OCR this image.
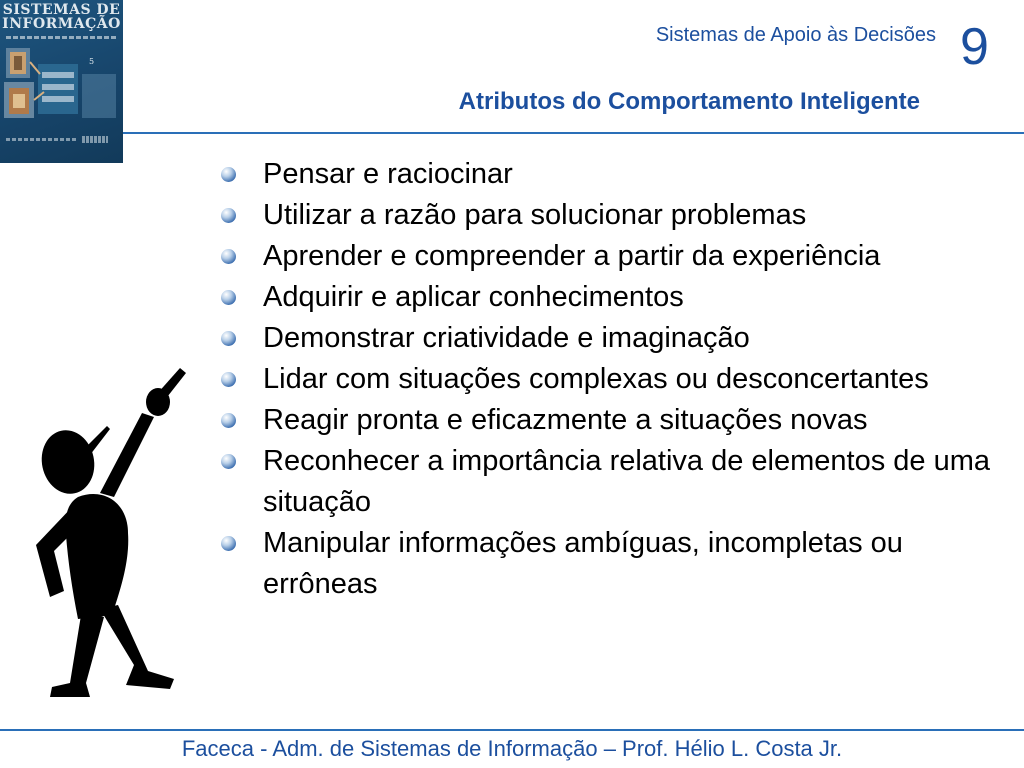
SISTEMAS DE
INFORMAÇÃO
5
Sistemas de Apoio às Decisões 9
Atributos do Comportamento Inteligente
Pensar e raciocinar
Utilizar a razão para solucionar problemas
Aprender e compreender a partir da experiência
Adquirir e aplicar conhecimentos
Demonstrar criatividade e imaginação
Lidar com situações complexas ou desconcertantes
Reagir pronta e eficazmente a situações novas
Reconhecer a importância relativa de elementos de uma situação
Manipular informações ambíguas, incompletas ou errôneas
Faceca - Adm. de Sistemas de Informação – Prof. Hélio L. Costa Jr.
